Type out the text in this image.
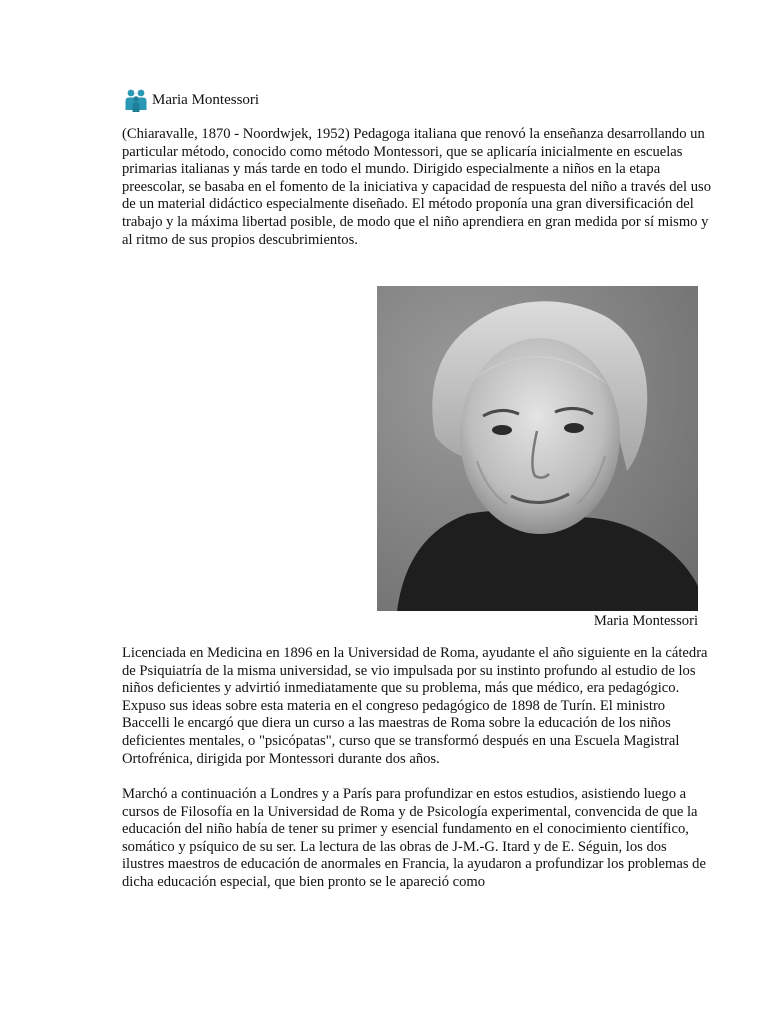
Maria Montessori

(Chiaravalle, 1870 - Noordwjek, 1952) Pedagoga italiana que renovó la enseñanza desarrollando un particular método, conocido como método Montessori, que se aplicaría inicialmente en escuelas primarias italianas y más tarde en todo el mundo. Dirigido especialmente a niños en la etapa preescolar, se basaba en el fomento de la iniciativa y capacidad de respuesta del niño a través del uso de un material didáctico especialmente diseñado. El método proponía una gran diversificación del trabajo y la máxima libertad posible, de modo que el niño aprendiera en gran medida por sí mismo y al ritmo de sus propios descubrimientos.

Maria Montessori

Licenciada en Medicina en 1896 en la Universidad de Roma, ayudante el año siguiente en la cátedra de Psiquiatría de la misma universidad, se vio impulsada por su instinto profundo al estudio de los niños deficientes y advirtió inmediatamente que su problema, más que médico, era pedagógico. Expuso sus ideas sobre esta materia en el congreso pedagógico de 1898 de Turín. El ministro Baccelli le encargó que diera un curso a las maestras de Roma sobre la educación de los niños deficientes mentales, o "psicópatas", curso que se transformó después en una Escuela Magistral Ortofrénica, dirigida por Montessori durante dos años.

Marchó a continuación a Londres y a París para profundizar en estos estudios, asistiendo luego a cursos de Filosofía en la Universidad de Roma y de Psicología experimental, convencida de que la educación del niño había de tener su primer y esencial fundamento en el conocimiento científico, somático y psíquico de su ser. La lectura de las obras de J-M.-G. Itard y de E. Séguin, los dos ilustres maestros de educación de anormales en Francia, la ayudaron a profundizar los problemas de dicha educación especial, que bien pronto se le apareció como
